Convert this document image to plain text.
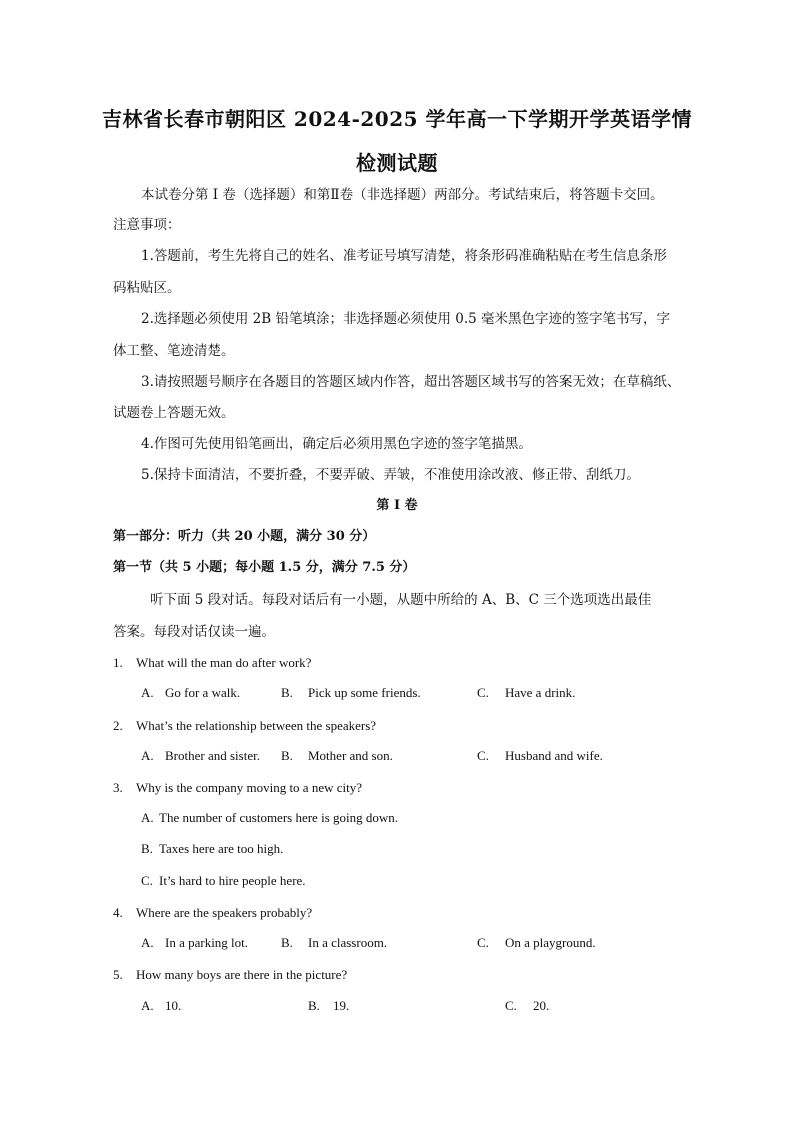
吉林省长春市朝阳区 2024-2025 学年高一下学期开学英语学情
检测试题
本试卷分第 I 卷（选择题）和第Ⅱ卷（非选择题）两部分。考试结束后，将答题卡交回。
注意事项：
1.答题前，考生先将自己的姓名、准考证号填写清楚，将条形码准确粘贴在考生信息条形
码粘贴区。
2.选择题必须使用 2B 铅笔填涂；非选择题必须使用 0.5 毫米黑色字迹的签字笔书写，字
体工整、笔迹清楚。
3.请按照题号顺序在各题目的答题区域内作答，超出答题区域书写的答案无效；在草稿纸、
试题卷上答题无效。
4.作图可先使用铅笔画出，确定后必须用黑色字迹的签字笔描黑。
5.保持卡面清洁，不要折叠，不要弄破、弄皱，不准使用涂改液、修正带、刮纸刀。
第 I 卷
第一部分：听力（共 20 小题，满分 30 分）
第一节（共 5 小题；每小题 1.5 分，满分 7.5 分）
听下面 5 段对话。每段对话后有一小题，从题中所给的 A、B、C 三个选项选出最佳
答案。每段对话仅读一遍。
1. What will the man do after work?
A. Go for a walk.	B. Pick up some friends.	C. Have a drink.
2. What’s the relationship between the speakers?
A. Brother and sister. B. Mother and son.	C. Husband and wife.
3. Why is the company moving to a new city?
A. The number of customers here is going down.
B. Taxes here are too high.
C. It’s hard to hire people here.
4. Where are the speakers probably?
A. In a parking lot.	B. In a classroom.	C. On a playground.
5. How many boys are there in the picture?
A. 10.	B. 19.	C. 20.
